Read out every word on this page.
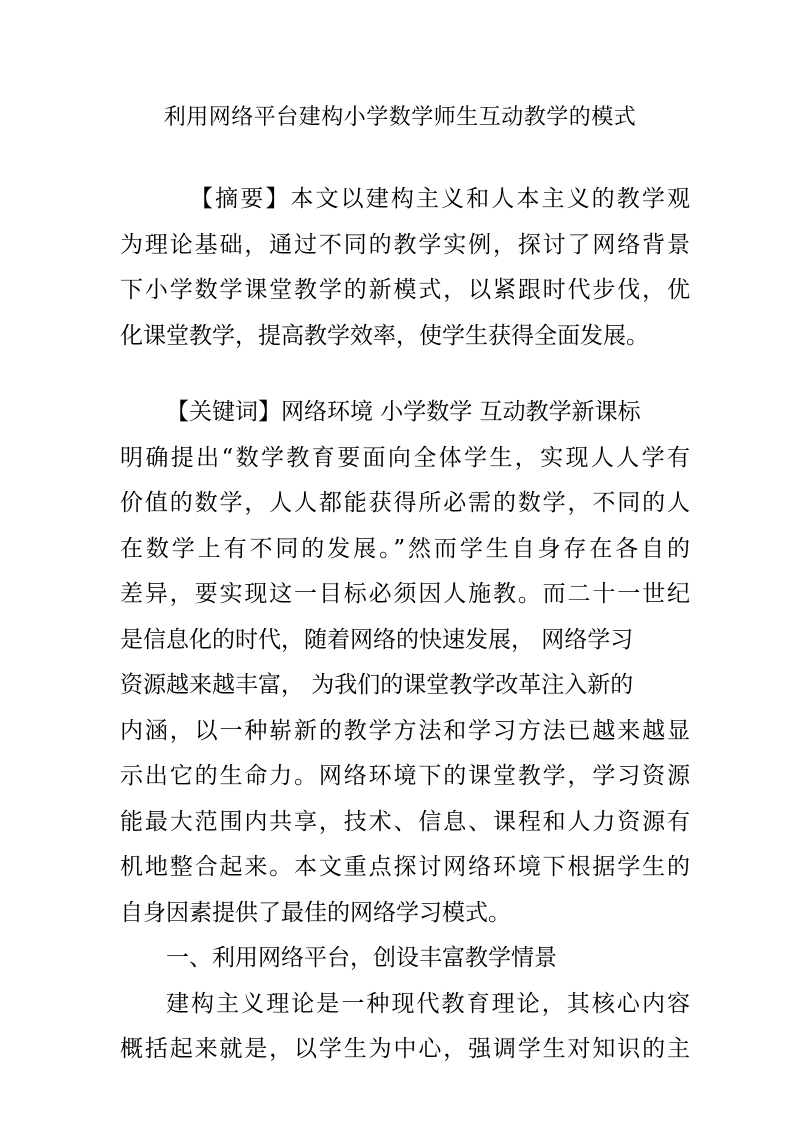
利用网络平台建构小学数学师生互动教学的模式
【摘要】本文以建构主义和人本主义的教学观
为理论基础，通过不同的教学实例，探讨了网络背景
下小学数学课堂教学的新模式，以紧跟时代步伐，优
化课堂教学，提高教学效率，使学生获得全面发展。
【关键词】网络环境 小学数学 互动教学新课标
明确提出“数学教育要面向全体学生，实现人人学有
价值的数学，人人都能获得所必需的数学，不同的人
在数学上有不同的发展。”然而学生自身存在各自的
差异，要实现这一目标必须因人施教。而二十一世纪
是信息化的时代，随着网络的快速发展， 网络学习
资源越来越丰富， 为我们的课堂教学改革注入新的
内涵，以一种崭新的教学方法和学习方法已越来越显
示出它的生命力。网络环境下的课堂教学，学习资源
能最大范围内共享，技术、信息、课程和人力资源有
机地整合起来。本文重点探讨网络环境下根据学生的
自身因素提供了最佳的网络学习模式。
一、利用网络平台，创设丰富教学情景
建构主义理论是一种现代教育理论，其核心内容
概括起来就是，以学生为中心，强调学生对知识的主
